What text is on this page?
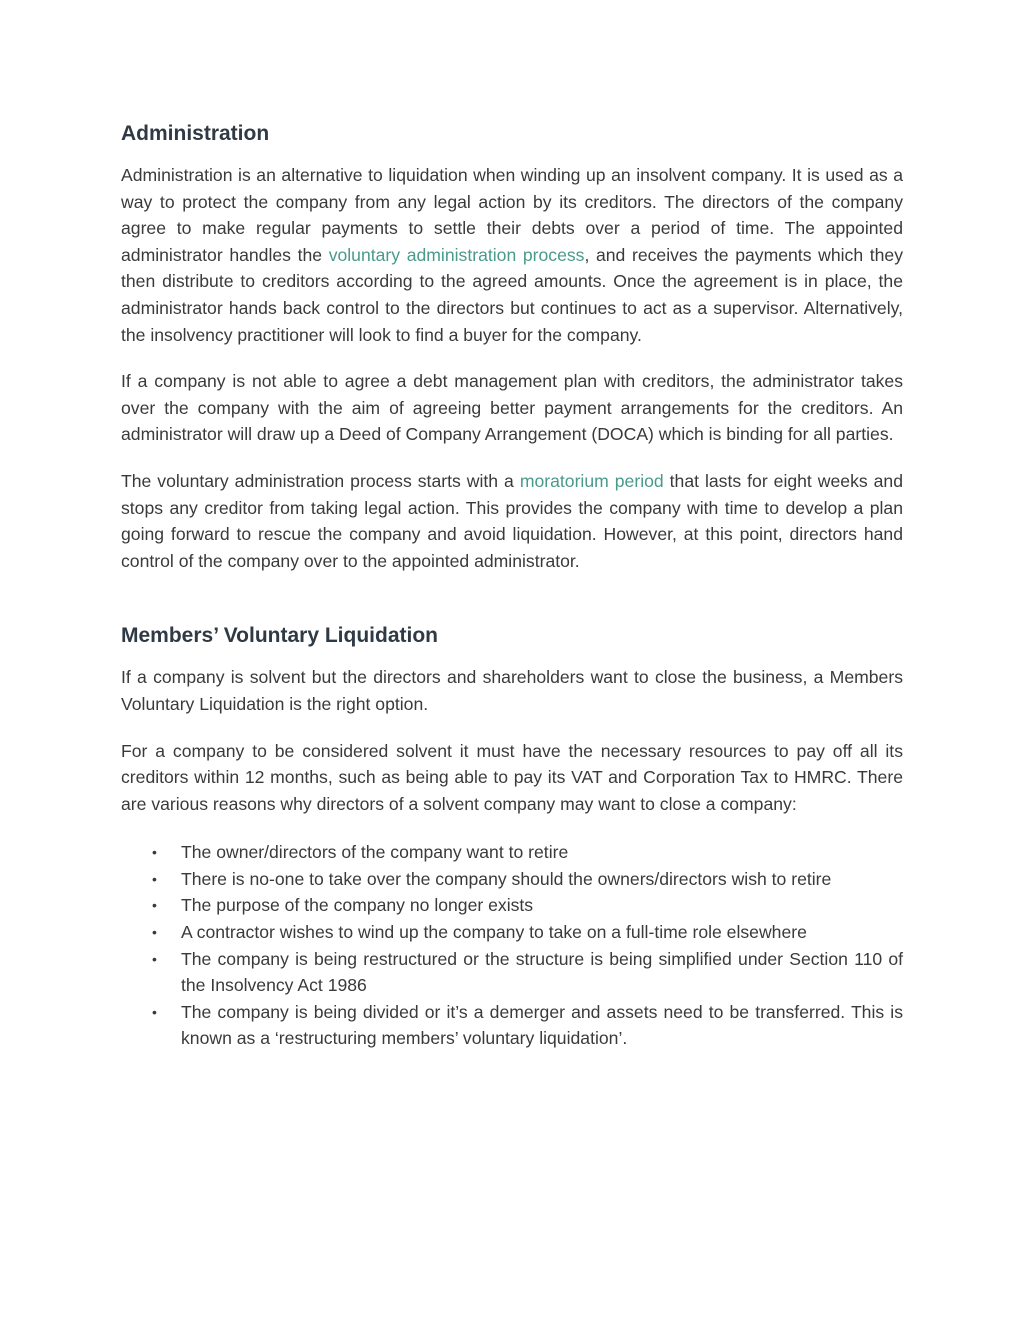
Administration

Administration is an alternative to liquidation when winding up an insolvent company. It is used as a way to protect the company from any legal action by its creditors. The directors of the company agree to make regular payments to settle their debts over a period of time. The appointed administrator handles the voluntary administration process, and receives the payments which they then distribute to creditors according to the agreed amounts. Once the agreement is in place, the administrator hands back control to the directors but continues to act as a supervisor. Alternatively, the insolvency practitioner will look to find a buyer for the company.

If a company is not able to agree a debt management plan with creditors, the administrator takes over the company with the aim of agreeing better payment arrangements for the creditors. An administrator will draw up a Deed of Company Arrangement (DOCA) which is binding for all parties.

The voluntary administration process starts with a moratorium period that lasts for eight weeks and stops any creditor from taking legal action. This provides the company with time to develop a plan going forward to rescue the company and avoid liquidation. However, at this point, directors hand control of the company over to the appointed administrator.

Members’ Voluntary Liquidation

If a company is solvent but the directors and shareholders want to close the business, a Members Voluntary Liquidation is the right option.

For a company to be considered solvent it must have the necessary resources to pay off all its creditors within 12 months, such as being able to pay its VAT and Corporation Tax to HMRC. There are various reasons why directors of a solvent company may want to close a company:

• The owner/directors of the company want to retire
• There is no-one to take over the company should the owners/directors wish to retire
• The purpose of the company no longer exists
• A contractor wishes to wind up the company to take on a full-time role elsewhere
• The company is being restructured or the structure is being simplified under Section 110 of the Insolvency Act 1986
• The company is being divided or it’s a demerger and assets need to be transferred. This is known as a ‘restructuring members’ voluntary liquidation’.
